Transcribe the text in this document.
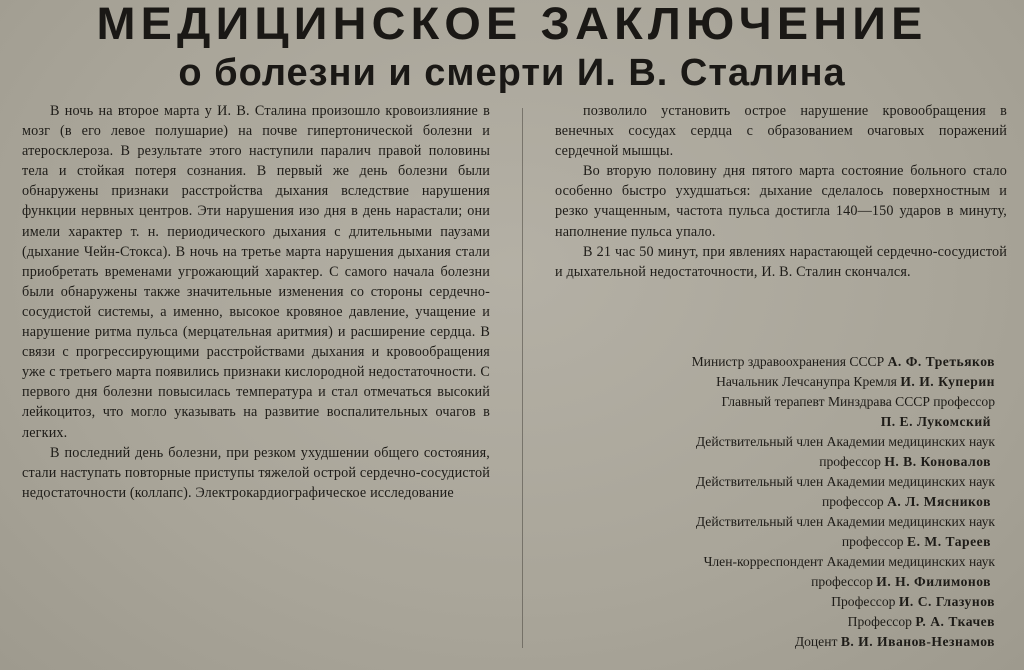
МЕДИЦИНСКОЕ ЗАКЛЮЧЕНИЕ
о болезни и смерти И. В. Сталина

В ночь на второе марта у И. В. Сталина произошло кровоизлияние в мозг (в его левое полушарие) на почве гипертонической болезни и атеросклероза. В результате этого наступили паралич правой половины тела и стойкая потеря сознания. В первый же день болезни были обнаружены признаки расстройства дыхания вследствие нарушения функции нервных центров. Эти нарушения изо дня в день нарастали; они имели характер т. н. периодического дыхания с длительными паузами (дыхание Чейн-Стокса). В ночь на третье марта нарушения дыхания стали приобретать временами угрожающий характер. С самого начала болезни были обнаружены также значительные изменения со стороны сердечно-сосудистой системы, а именно, высокое кровяное давление, учащение и нарушение ритма пульса (мерцательная аритмия) и расширение сердца. В связи с прогрессирующими расстройствами дыхания и кровообращения уже с третьего марта появились признаки кислородной недостаточности. С первого дня болезни повысилась температура и стал отмечаться высокий лейкоцитоз, что могло указывать на развитие воспалительных очагов в легких.

В последний день болезни, при резком ухудшении общего состояния, стали наступать повторные приступы тяжелой острой сердечно-сосудистой недостаточности (коллапс). Электрокардиографическое исследование

позволило установить острое нарушение кровообращения в венечных сосудах сердца с образованием очаговых поражений сердечной мышцы.

Во вторую половину дня пятого марта состояние больного стало особенно быстро ухудшаться: дыхание сделалось поверхностным и резко учащенным, частота пульса достигла 140—150 ударов в минуту, наполнение пульса упало.

В 21 час 50 минут, при явлениях нарастающей сердечно-сосудистой и дыхательной недостаточности, И. В. Сталин скончался.

Министр здравоохранения СССР А. Ф. Третьяков
Начальник Лечсанупра Кремля И. И. Куперин
Главный терапевт Минздрава СССР профессор
П. Е. Лукомский
Действительный член Академии медицинских наук
профессор Н. В. Коновалов
Действительный член Академии медицинских наук
профессор А. Л. Мясников
Действительный член Академии медицинских наук
профессор Е. М. Тареев
Член-корреспондент Академии медицинских наук
профессор И. Н. Филимонов
Профессор И. С. Глазунов
Профессор Р. А. Ткачев
Доцент В. И. Иванов-Незнамов
